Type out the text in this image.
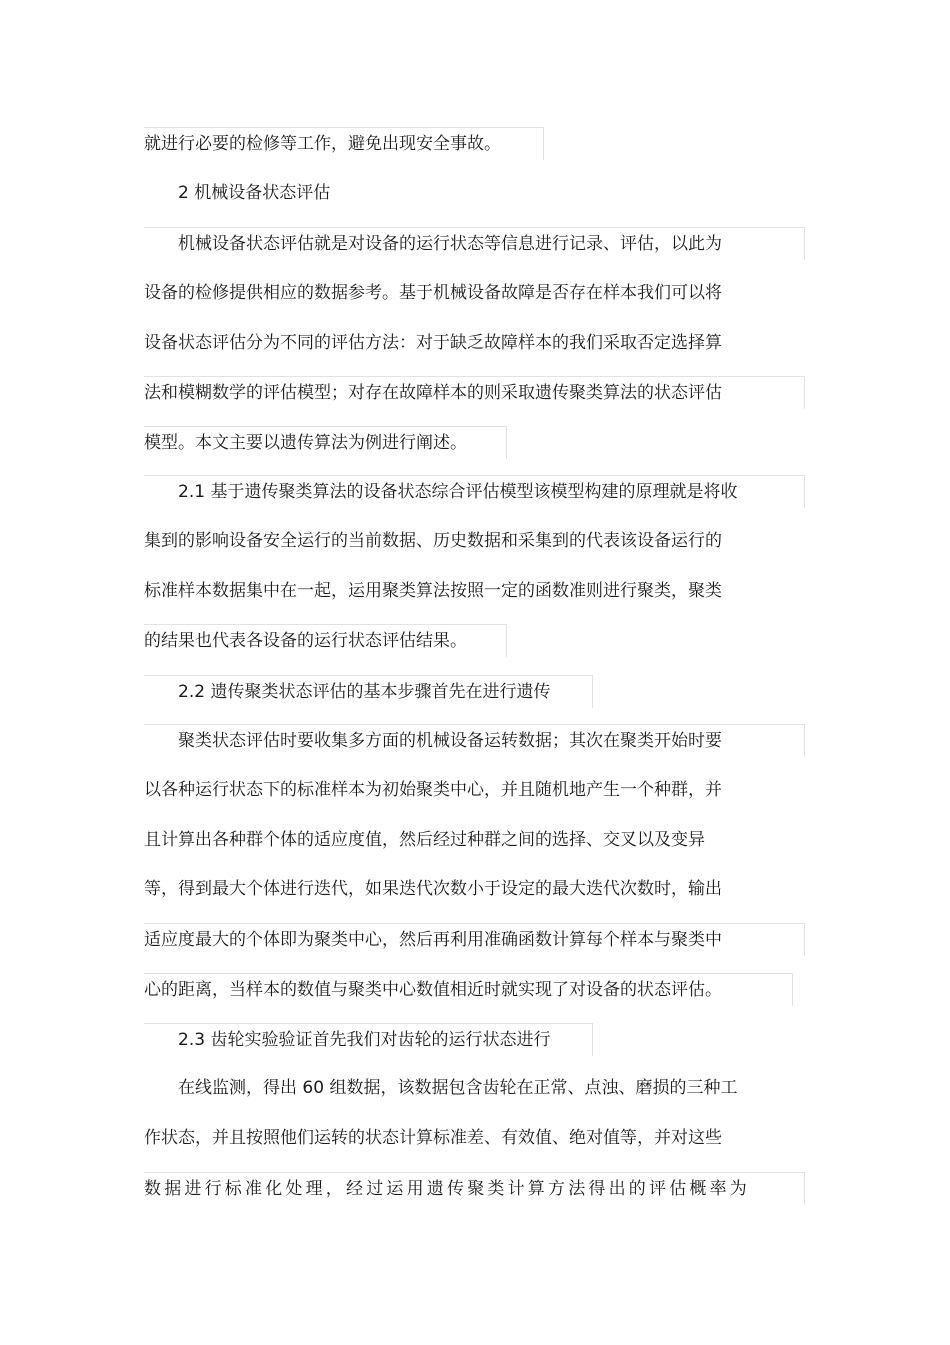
就进行必要的检修等工作，避免出现安全事故。
2 机械设备状态评估
机械设备状态评估就是对设备的运行状态等信息进行记录、评估，以此为
设备的检修提供相应的数据参考。基于机械设备故障是否存在样本我们可以将
设备状态评估分为不同的评估方法：对于缺乏故障样本的我们采取否定选择算
法和模糊数学的评估模型；对存在故障样本的则采取遗传聚类算法的状态评估
模型。本文主要以遗传算法为例进行阐述。
2.1 基于遗传聚类算法的设备状态综合评估模型该模型构建的原理就是将收
集到的影响设备安全运行的当前数据、历史数据和采集到的代表该设备运行的
标准样本数据集中在一起，运用聚类算法按照一定的函数准则进行聚类，聚类
的结果也代表各设备的运行状态评估结果。
2.2 遗传聚类状态评估的基本步骤首先在进行遗传
聚类状态评估时要收集多方面的机械设备运转数据；其次在聚类开始时要
以各种运行状态下的标准样本为初始聚类中心，并且随机地产生一个种群，并
且计算出各种群个体的适应度值，然后经过种群之间的选择、交叉以及变异
等，得到最大个体进行迭代，如果迭代次数小于设定的最大迭代次数时，输出
适应度最大的个体即为聚类中心，然后再利用准确函数计算每个样本与聚类中
心的距离，当样本的数值与聚类中心数值相近时就实现了对设备的状态评估。
2.3 齿轮实验验证首先我们对齿轮的运行状态进行
在线监测，得出 60 组数据，该数据包含齿轮在正常、点浊、磨损的三种工
作状态，并且按照他们运转的状态计算标准差、有效值、绝对值等，并对这些
数据进行标准化处理，经过运用遗传聚类计算方法得出的评估概率为
